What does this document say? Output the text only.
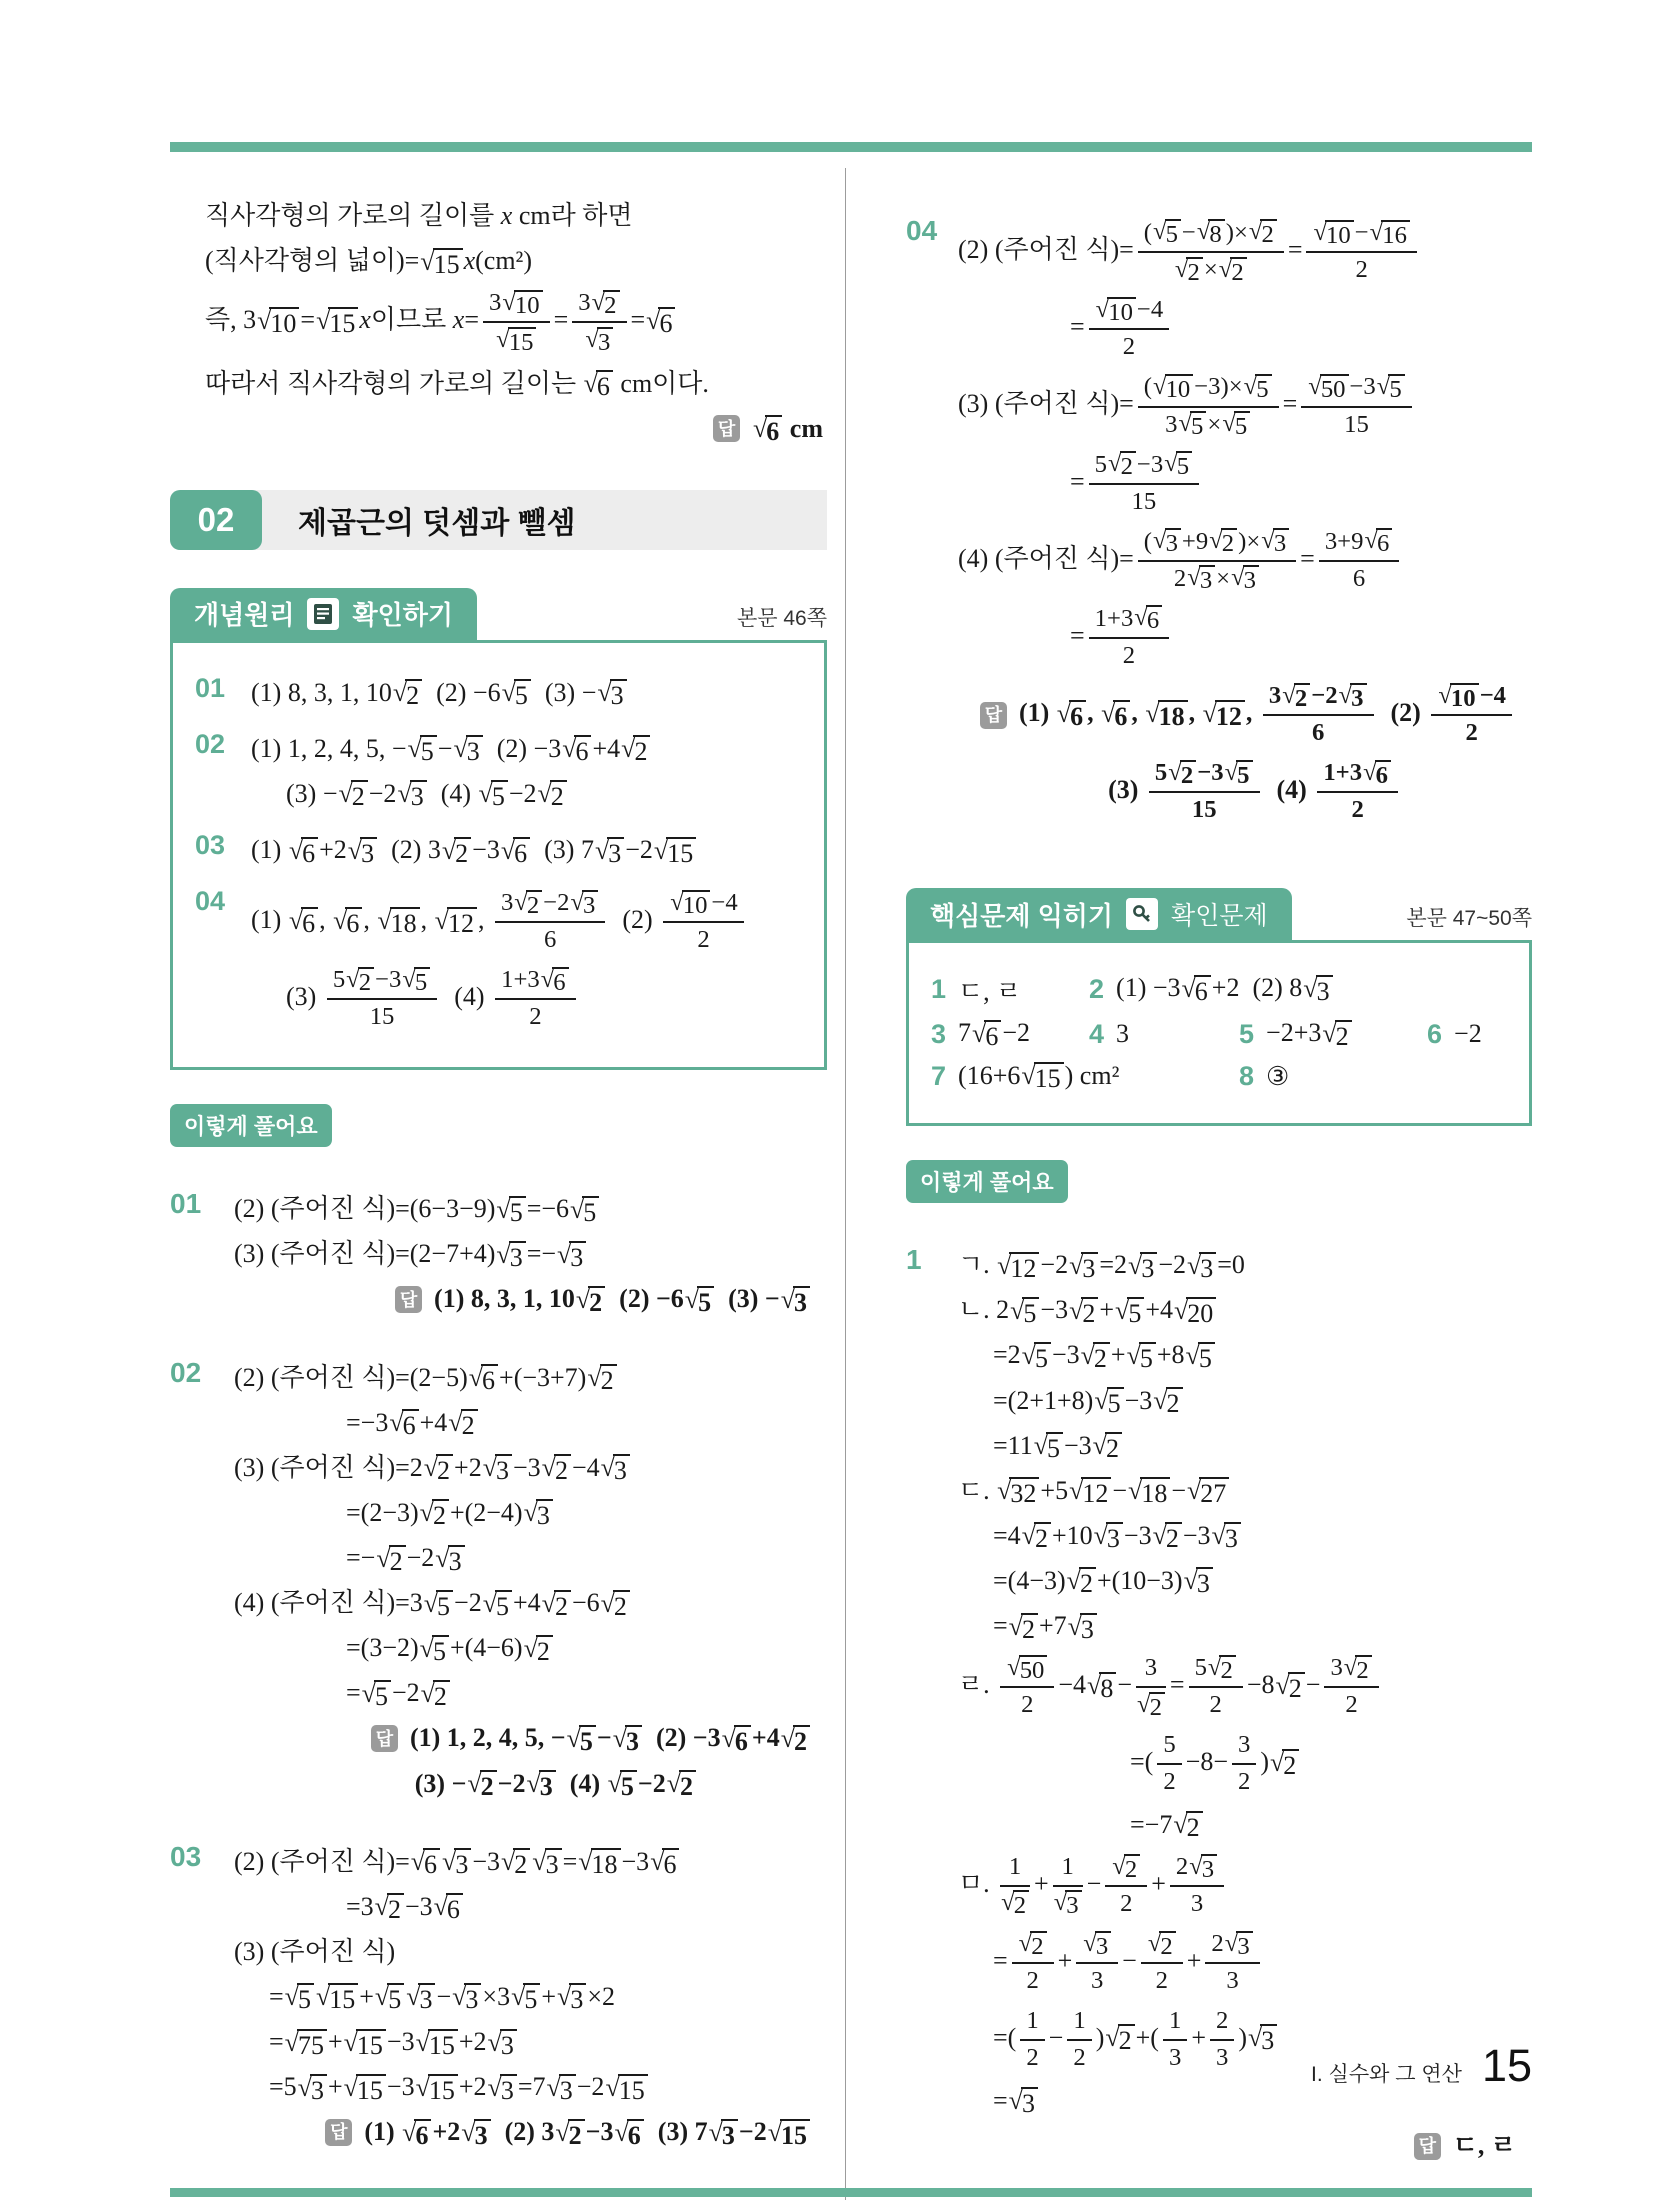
직사각형의 가로의 길이를 x cm라 하면
(직사각형의 넓이)= √ 15 x(cm²)
즉, 3 √ 10 = √ 15 x이므로 $x= \frac{3 √ 10}{√ 15} = \frac{3 √ 2}{√ 3}$ = √ 6
따라서 직사각형의 가로의 길이는 √ 6 cm이다.
답 √ 6 cm
02	제곱근의 덧셈과 뺄셈
개념원리 확인하기	본문 46쪽
01 (1) 8, 3, 1, 10 √ 2  (2) −6 √ 5  (3) − √ 3
02 (1) 1, 2, 4, 5, − √ 5 − √ 3  (2) −3 √ 6 +4 √ 2
(3) − √ 2 −2 √ 3  (4) √ 5 −2 √ 2
03 (1) √ 6 +2 √ 3  (2) 3 √ 2 −3 √ 6  (3) 7 √ 3 −2 √ 15
04
(1) √ 6 , √ 6 , √ 18 , √ 12 , $\frac{3 √ 2 -2 √ 3}{6}$  $(2) \frac{√ 10 -4}{2}$
$(3) \frac{5 √ 2 -3 √ 5}{15}$  $(4) \frac{1+3 √ 6}{2}$
이렇게 풀어요
01	(2) (주어진 식)=(6−3−9) √ 5 =−6 √ 5
(3) (주어진 식)=(2−7+4) √ 3 =− √ 3
답 (1) 8, 3, 1, 10 √ 2  (2) −6 √ 5  (3) − √ 3
02	(2) (주어진 식)=(2−5) √ 6 +(−3+7) √ 2
=−3 √ 6 +4 √ 2
(3) (주어진 식)=2 √ 2 +2 √ 3 −3 √ 2 −4 √ 3
=(2−3) √ 2 +(2−4) √ 3
=− √ 2 −2 √ 3
(4) (주어진 식)=3 √ 5 −2 √ 5 +4 √ 2 −6 √ 2
=(3−2) √ 5 +(4−6) √ 2
= √ 5 −2 √ 2
답 (1) 1, 2, 4, 5, − √ 5 − √ 3  (2) −3 √ 6 +4 √ 2
(3) − √ 2 −2 √ 3  (4) √ 5 −2 √ 2
03	(2) (주어진 식)= √ 6 √ 3 −3 √ 2 √ 3 = √ 18 −3 √ 6
=3 √ 2 −3 √ 6
(3) (주어진 식)
= √ 5 √ 15 + √ 5 √ 3 − √ 3 ×3 √ 5 + √ 3 ×2
= √ 75 + √ 15 −3 √ 15 +2 √ 3
=5 √ 3 + √ 15 −3 √ 15 +2 √ 3 =7 √ 3 −2 √ 15
답 (1) √ 6 +2 √ 3  (2) 3 √ 2 −3 √ 6  (3) 7 √ 3 −2 √ 15
04
(2) (주어진 식)= $\frac{( √ 5 - √ 8 )\times √ 2}{√ 2 \times √ 2} = \frac{√ 10 - √ 16}{2}$
= $\frac{√ 10 -4}{2}$
(3) (주어진 식)= $\frac{( √ 10 -3)\times √ 5}{3 √ 5 \times √ 5} = \frac{√ 50 -3 √ 5}{15}$
= $\frac{5 √ 2 -3 √ 5}{15}$
(4) (주어진 식)= $\frac{( √ 3 +9 √ 2 )\times √ 3}{2 √ 3 \times √ 3} = \frac{3+9 √ 6}{6}$
= $\frac{1+3 √ 6}{2}$
답 (1) √ 6 , √ 6 , √ 18 , √ 12 , $\frac{3 √ 2 -2 √ 3}{6}$  $(2) \frac{√ 10 -4}{2}$
$(3) \frac{5 √ 2 -3 √ 5}{15}$  $(4) \frac{1+3 √ 6}{2}$
핵심문제 익히기 확인문제	본문 47~50쪽
1 ㄷ, ㄹ	2 (1) −3 √ 6 +2 (2) 8 √ 3
3 7 √ 6 −2 4 3	5 −2+3 √ 2	6 −2
7 (16+6 √ 15 ) cm²	8 ③
이렇게 풀어요
1	ㄱ. √ 12 −2 √ 3 =2 √ 3 −2 √ 3 =0
ㄴ. 2 √ 5 −3 √ 2 + √ 5 +4 √ 20
=2 √ 5 −3 √ 2 + √ 5 +8 √ 5
=(2+1+8) √ 5 −3 √ 2
=11 √ 5 −3 √ 2
ㄷ. √ 32 +5 √ 12 − √ 18 − √ 27
=4 √ 2 +10 √ 3 −3 √ 2 −3 √ 3
=(4−3) √ 2 +(10−3) √ 3
= √ 2 +7 √ 3
ㄹ. $\frac{√ 50}{2} -4$ √ $8 - \frac{3}{√ 2} = \frac{5 √ 2}{2} -8$ √ $2 - \frac{3 √ 2}{2}$
=( $\frac{5}{2} -8- \frac{3}{2}$ ) √ 2
=−7 √ 2
ㅁ. $\frac{1}{√ 2} + \frac{1}{√ 3} - \frac{√ 2}{2} + \frac{2 √ 3}{3}$
= $\frac{√ 2}{2} + \frac{√ 3}{3} - \frac{√ 2}{2} + \frac{2 √ 3}{3}$
=( $\frac{1}{2} - \frac{1}{2}$ ) √ 2 +( $\frac{1}{3} + \frac{2}{3}$ ) √ 3
= √ 3
답 ㄷ, ㄹ
I. 실수와 그 연산 15
